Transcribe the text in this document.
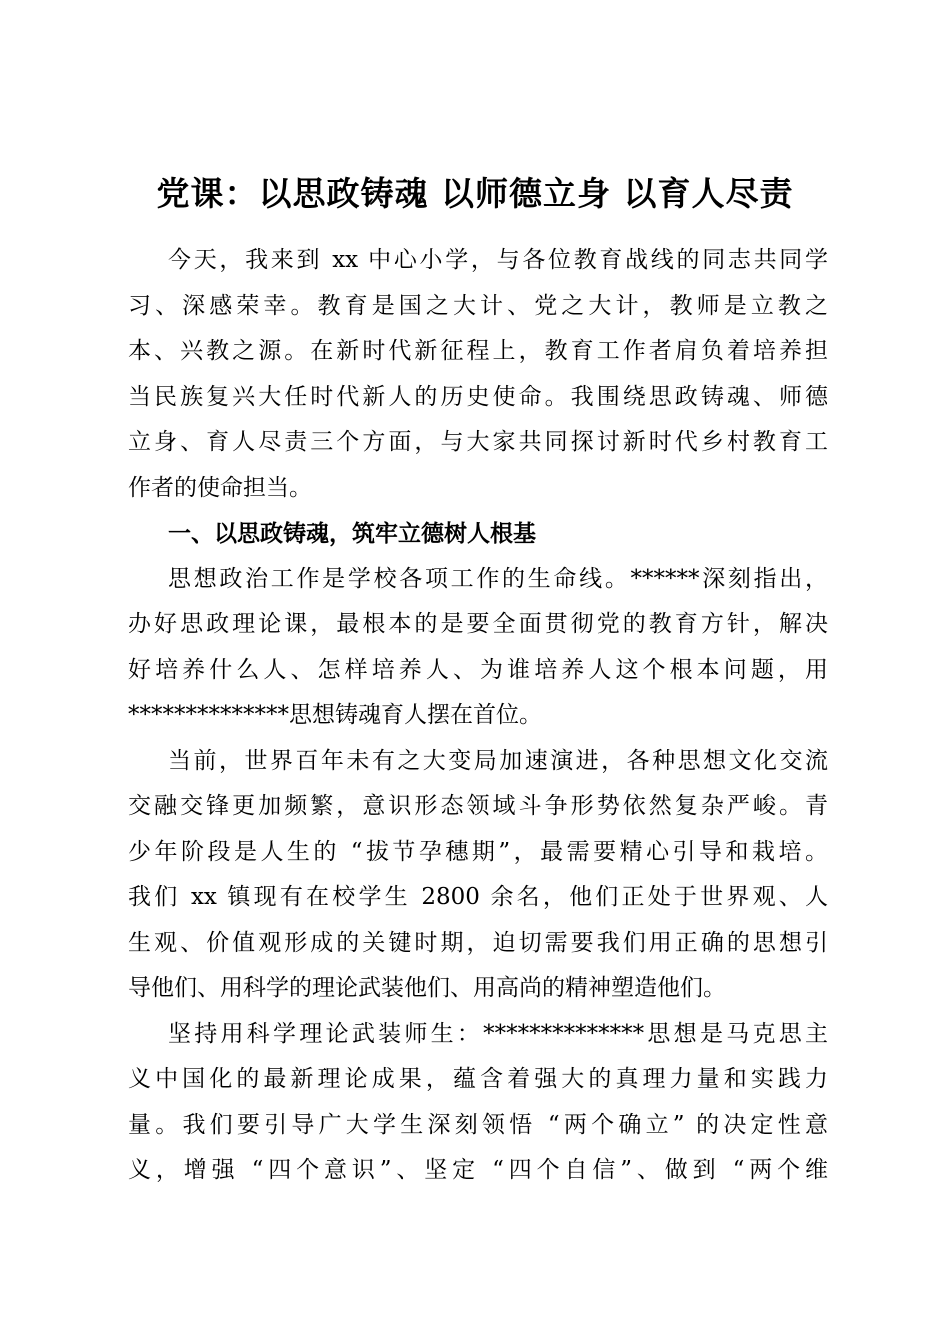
党课：以思政铸魂 以师德立身 以育人尽责
今天，我来到 xx 中心小学，与各位教育战线的同志共同学
习、深感荣幸。教育是国之大计、党之大计，教师是立教之
本、兴教之源。在新时代新征程上，教育工作者肩负着培养担
当民族复兴大任时代新人的历史使命。我围绕思政铸魂、师德
立身、育人尽责三个方面，与大家共同探讨新时代乡村教育工
作者的使命担当。
一、以思政铸魂，筑牢立德树人根基
思想政治工作是学校各项工作的生命线。******深刻指出，
办好思政理论课，最根本的是要全面贯彻党的教育方针，解决
好培养什么人、怎样培养人、为谁培养人这个根本问题，用
**************思想铸魂育人摆在首位。
当前，世界百年未有之大变局加速演进，各种思想文化交流
交融交锋更加频繁，意识形态领域斗争形势依然复杂严峻。青
少年阶段是人生的 “拔节孕穗期”，最需要精心引导和栽培。
我们 xx 镇现有在校学生 2800 余名，他们正处于世界观、人
生观、价值观形成的关键时期，迫切需要我们用正确的思想引
导他们、用科学的理论武装他们、用高尚的精神塑造他们。
坚持用科学理论武装师生：**************思想是马克思主
义中国化的最新理论成果，蕴含着强大的真理力量和实践力
量。我们要引导广大学生深刻领悟 “两个确立” 的决定性意
义，增强 “四个意识”、坚定 “四个自信”、做到 “两个维
